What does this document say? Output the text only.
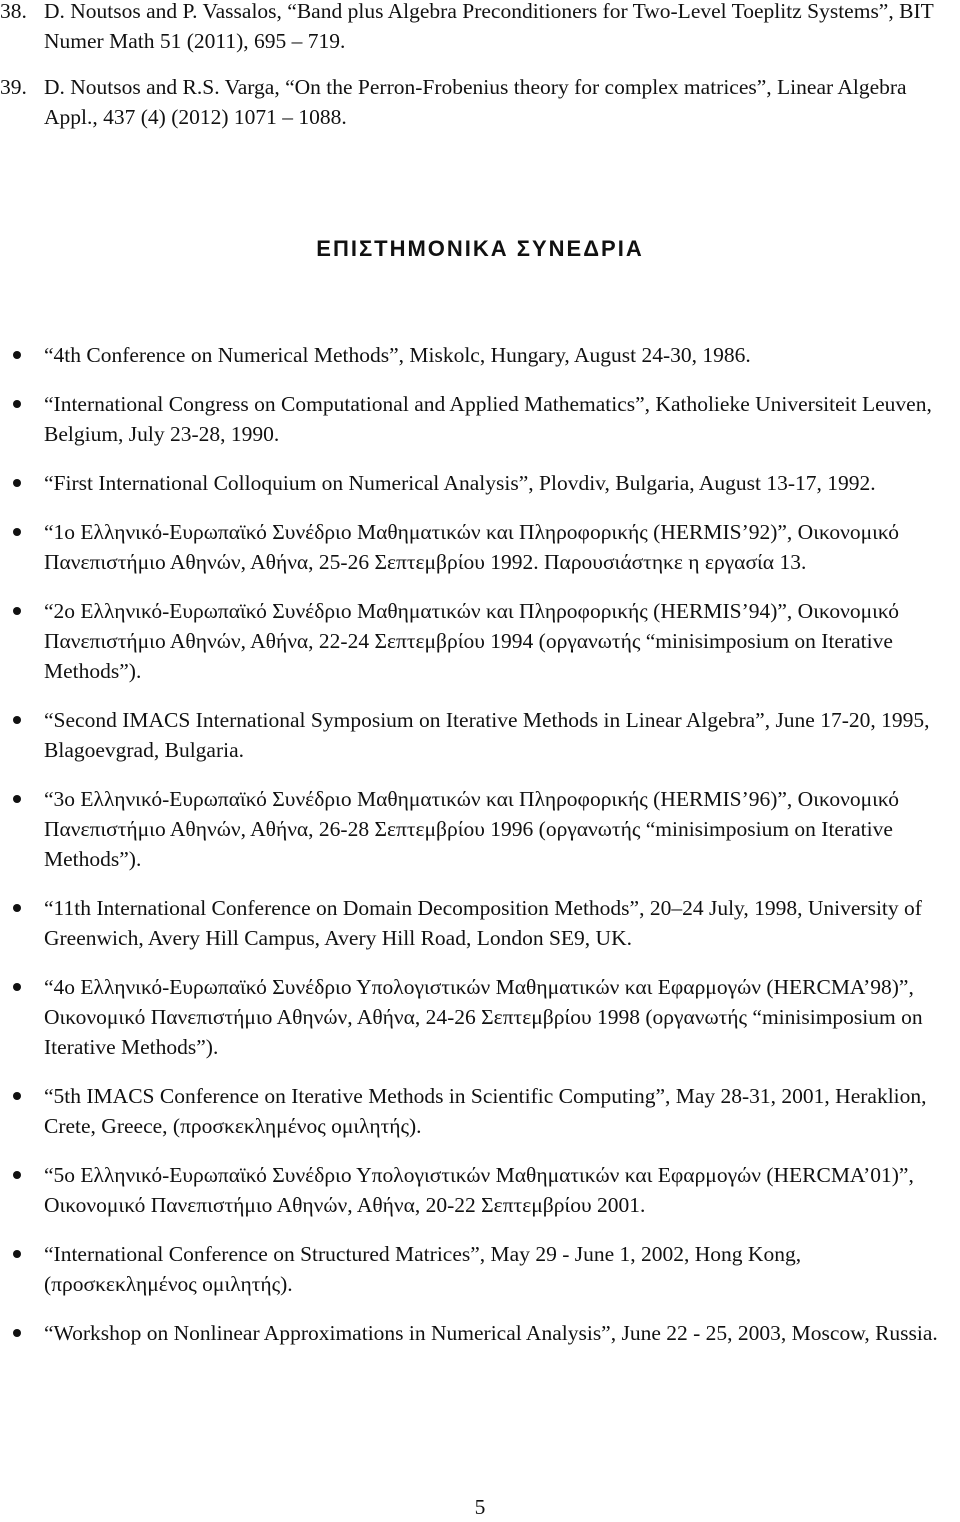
38. D. Noutsos and P. Vassalos, “Band plus Algebra Preconditioners for Two-Level Toeplitz Systems”, BIT Numer Math 51 (2011), 695 – 719.
39. D. Noutsos and R.S. Varga, “On the Perron-Frobenius theory for complex matrices”, Linear Algebra Appl., 437 (4) (2012) 1071 – 1088.
ΕΠΙΣΤΗΜΟΝΙΚΑ ΣΥΝΕΔΡΙΑ
“4th Conference on Numerical Methods”, Miskolc, Hungary, August 24-30, 1986.
“International Congress on Computational and Applied Mathematics”, Katholieke Universiteit Leuven, Belgium, July 23-28, 1990.
“First International Colloquium on Numerical Analysis”, Plovdiv, Bulgaria, August 13-17, 1992.
“1ο Ελληνικό-Ευρωπαϊκό Συνέδριο Μαθηματικών και Πληροφορικής (HERMIS’92)”, Οικονομικό Πανεπιστήμιο Αθηνών, Αθήνα, 25-26 Σεπτεμβρίου 1992. Παρουσιάστηκε η εργασία 13.
“2ο Ελληνικό-Ευρωπαϊκό Συνέδριο Μαθηματικών και Πληροφορικής (HERMIS’94)”, Οικονομικό Πανεπιστήμιο Αθηνών, Αθήνα, 22-24 Σεπτεμβρίου 1994 (οργανωτής “minisimposium on Iterative Methods”).
“Second IMACS International Symposium on Iterative Methods in Linear Algebra”, June 17-20, 1995, Blagoevgrad, Bulgaria.
“3ο Ελληνικό-Ευρωπαϊκό Συνέδριο Μαθηματικών και Πληροφορικής (HERMIS’96)”, Οικονομικό Πανεπιστήμιο Αθηνών, Αθήνα, 26-28 Σεπτεμβρίου 1996 (οργανωτής “minisimposium on Iterative Methods”).
“11th International Conference on Domain Decomposition Methods”, 20–24 July, 1998, University of Greenwich, Avery Hill Campus, Avery Hill Road, London SE9, UK.
“4ο Ελληνικό-Ευρωπαϊκό Συνέδριο Υπολογιστικών Μαθηματικών και Εφαρμογών (HERCMA’98)”, Οικονομικό Πανεπιστήμιο Αθηνών, Αθήνα, 24-26 Σεπτεμβρίου 1998 (οργανωτής “minisimposium on Iterative Methods”).
“5th IMACS Conference on Iterative Methods in Scientific Computing”, May 28-31, 2001, Heraklion, Crete, Greece, (προσκεκλημένος ομιλητής).
“5ο Ελληνικό-Ευρωπαϊκό Συνέδριο Υπολογιστικών Μαθηματικών και Εφαρμογών (HERCMA’01)”, Οικονομικό Πανεπιστήμιο Αθηνών, Αθήνα, 20-22 Σεπτεμβρίου 2001.
“International Conference on Structured Matrices”, May 29 - June 1, 2002, Hong Kong, (προσκεκλημένος ομιλητής).
“Workshop on Nonlinear Approximations in Numerical Analysis”, June 22 - 25, 2003, Moscow, Russia.
5
